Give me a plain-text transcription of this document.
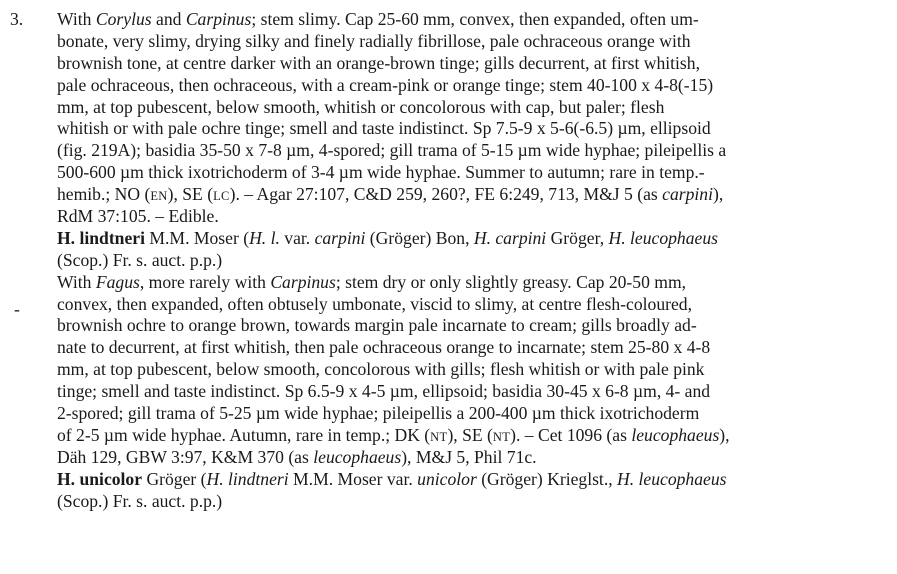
3.
-
With Corylus and Carpinus; stem slimy. Cap 25-60 mm, convex, then expanded, often um-
bonate, very slimy, drying silky and finely radially fibrillose, pale ochraceous orange with
brownish tone, at centre darker with an orange-brown tinge; gills decurrent, at first whitish,
pale ochraceous, then ochraceous, with a cream-pink or orange tinge; stem 40-100 x 4-8(-15)
mm, at top pubescent, below smooth, whitish or concolorous with cap, but paler; flesh
whitish or with pale ochre tinge; smell and taste indistinct. Sp 7.5-9 x 5-6(-6.5) µm, ellipsoid
(fig. 219A); basidia 35-50 x 7-8 µm, 4-spored; gill trama of 5-15 µm wide hyphae; pileipellis a
500-600 µm thick ixotrichoderm of 3-4 µm wide hyphae. Summer to autumn; rare in temp.-
hemib.; NO (EN), SE (LC). – Agar 27:107, C&D 259, 260?, FE 6:249, 713, M&J 5 (as carpini),
RdM 37:105. – Edible.
H. lindtneri M.M. Moser (H. l. var. carpini (Gröger) Bon, H. carpini Gröger, H. leucophaeus
(Scop.) Fr. s. auct. p.p.)
With Fagus, more rarely with Carpinus; stem dry or only slightly greasy. Cap 20-50 mm,
convex, then expanded, often obtusely umbonate, viscid to slimy, at centre flesh-coloured,
brownish ochre to orange brown, towards margin pale incarnate to cream; gills broadly ad-
nate to decurrent, at first whitish, then pale ochraceous orange to incarnate; stem 25-80 x 4-8
mm, at top pubescent, below smooth, concolorous with gills; flesh whitish or with pale pink
tinge; smell and taste indistinct. Sp 6.5-9 x 4-5 µm, ellipsoid; basidia 30-45 x 6-8 µm, 4- and
2-spored; gill trama of 5-25 µm wide hyphae; pileipellis a 200-400 µm thick ixotrichoderm
of 2-5 µm wide hyphae. Autumn, rare in temp.; DK (NT), SE (NT). – Cet 1096 (as leucophaeus),
Däh 129, GBW 3:97, K&M 370 (as leucophaeus), M&J 5, Phil 71c.
H. unicolor Gröger (H. lindtneri M.M. Moser var. unicolor (Gröger) Krieglst., H. leucophaeus
(Scop.) Fr. s. auct. p.p.)
